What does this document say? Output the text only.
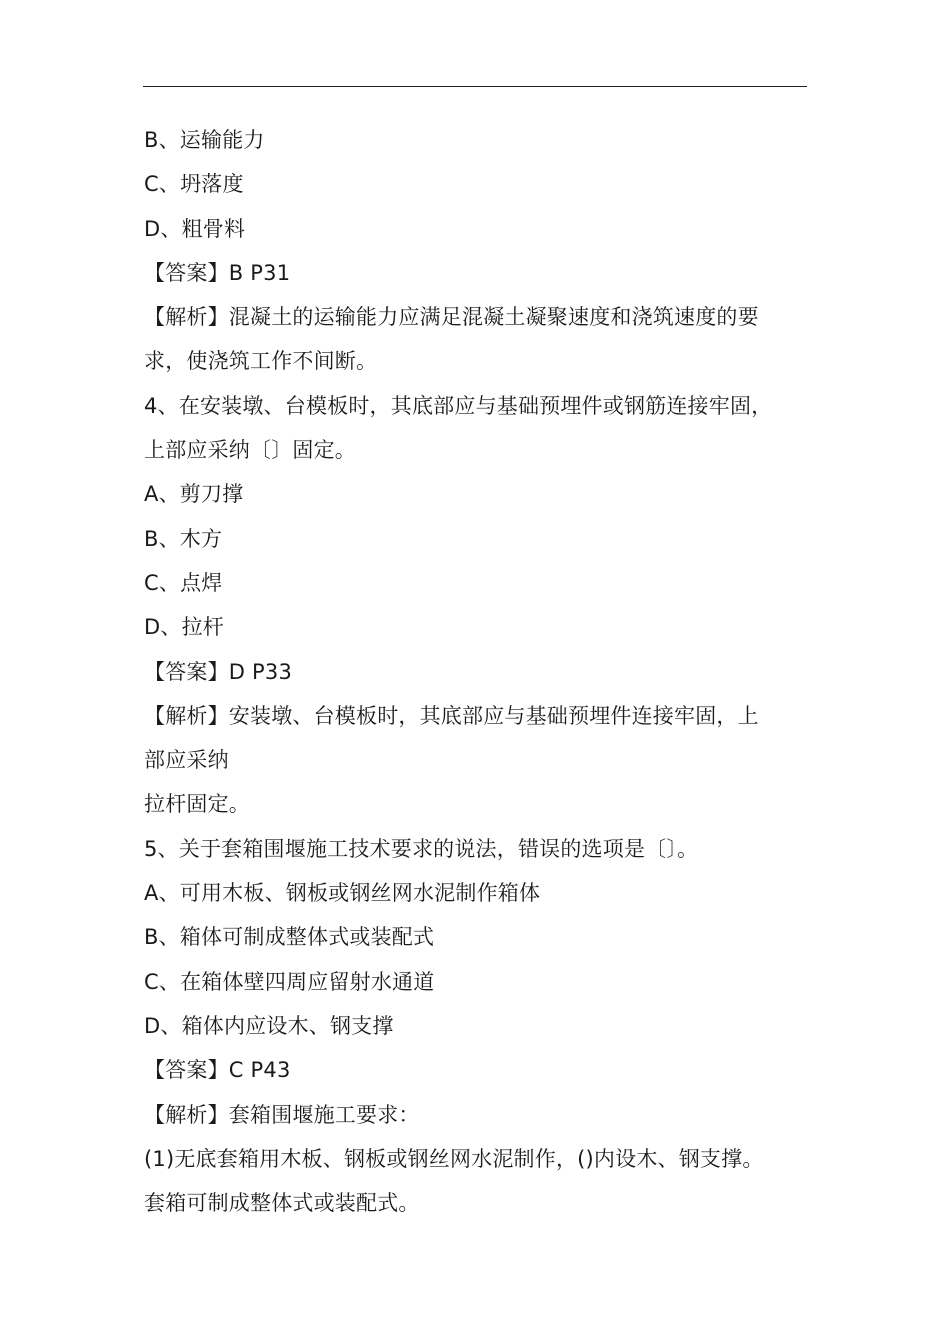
B、运输能力
C、坍落度
D、粗骨料
【答案】B P31
【解析】混凝土的运输能力应满足混凝土凝聚速度和浇筑速度的要
求，使浇筑工作不间断。
4、在安装墩、台模板时，其底部应与基础预埋件或钢筋连接牢固，
上部应采纳〔〕固定。
A、剪刀撑
B、木方
C、点焊
D、拉杆
【答案】D P33
【解析】安装墩、台模板时，其底部应与基础预埋件连接牢固，上
部应采纳
拉杆固定。
5、关于套箱围堰施工技术要求的说法，错误的选项是〔〕。
A、可用木板、钢板或钢丝网水泥制作箱体
B、箱体可制成整体式或装配式
C、在箱体壁四周应留射水通道
D、箱体内应设木、钢支撑
【答案】C P43
【解析】套箱围堰施工要求：
(1)无底套箱用木板、钢板或钢丝网水泥制作，()内设木、钢支撑。
套箱可制成整体式或装配式。
